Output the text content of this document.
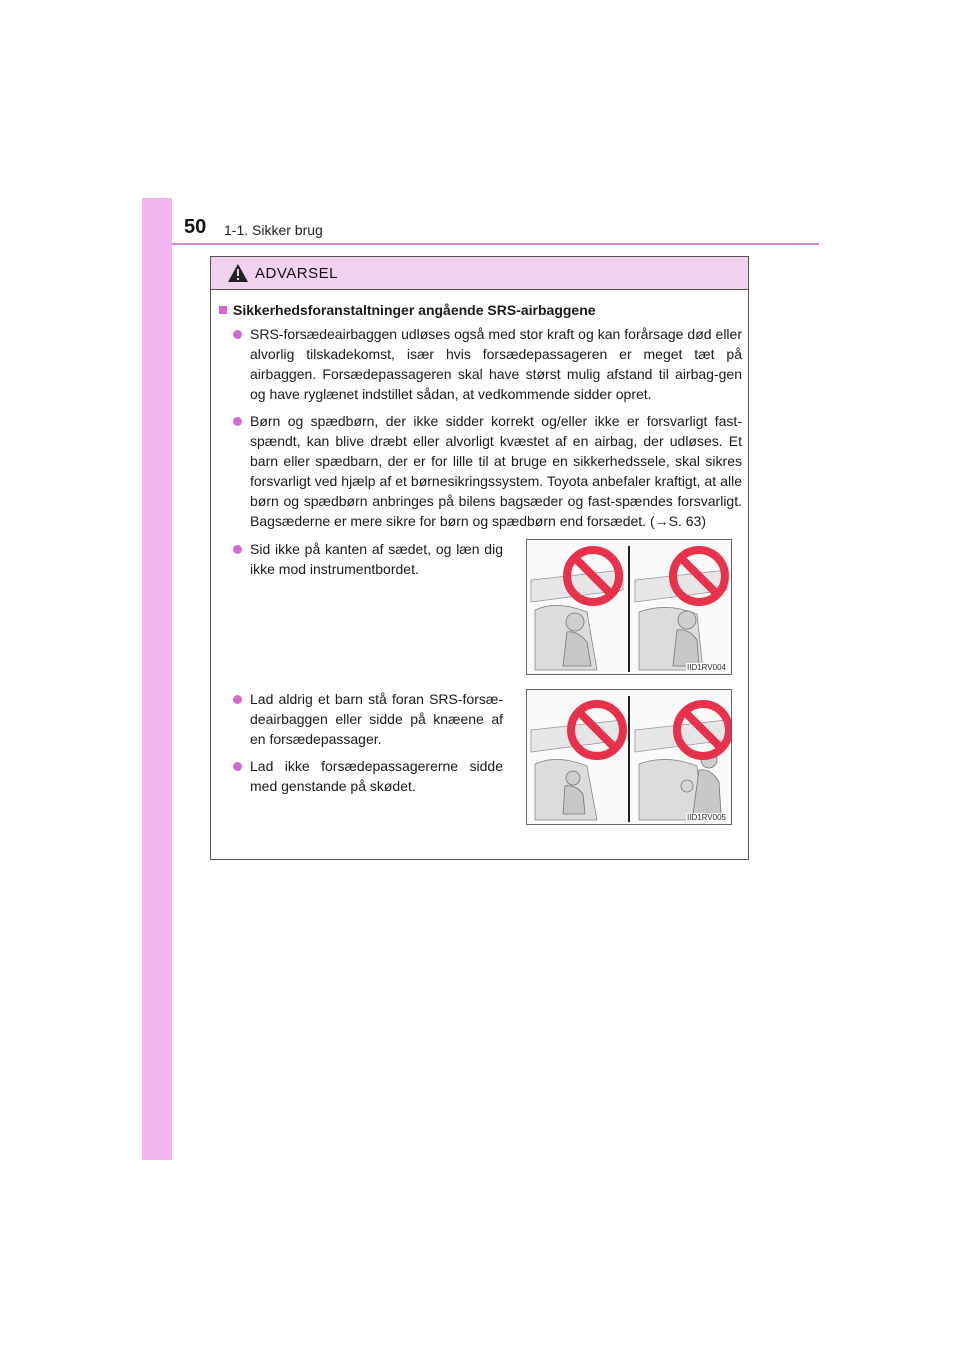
50 1-1. Sikker brug
ADVARSEL
Sikkerhedsforanstaltninger angående SRS-airbaggene
SRS-forsædeairbaggen udløses også med stor kraft og kan forårsage død eller alvorlig tilskadekomst, især hvis forsædepassageren er meget tæt på airbaggen. Forsædepassageren skal have størst mulig afstand til airbag-gen og have ryglænet indstillet sådan, at vedkommende sidder opret.
Børn og spædbørn, der ikke sidder korrekt og/eller ikke er forsvarligt fast-spændt, kan blive dræbt eller alvorligt kvæstet af en airbag, der udløses. Et barn eller spædbarn, der er for lille til at bruge en sikkerhedssele, skal sikres forsvarligt ved hjælp af et børnesikringssystem. Toyota anbefaler kraftigt, at alle børn og spædbørn anbringes på bilens bagsæder og fast-spændes forsvarligt. Bagsæderne er mere sikre for børn og spædbørn end forsædet. (→S. 63)
Sid ikke på kanten af sædet, og læn dig ikke mod instrumentbordet.
IID1RV004
Lad aldrig et barn stå foran SRS-forsæ-deairbaggen eller sidde på knæene af en forsædepassager.
Lad ikke forsædepassagererne sidde med genstande på skødet.
IID1RV005
